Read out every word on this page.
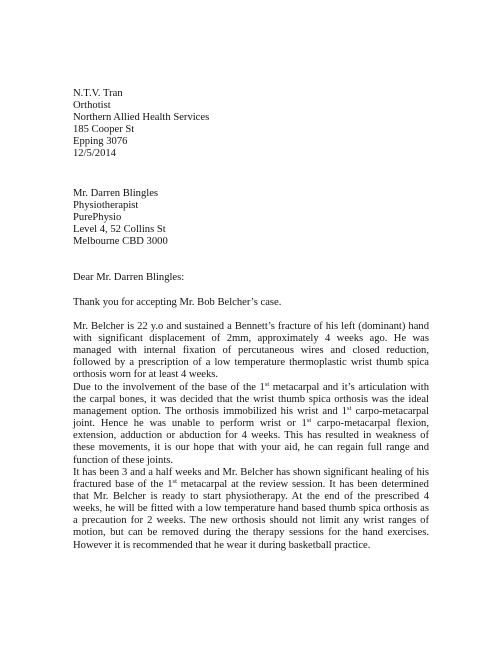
N.T.V. Tran
Orthotist
Northern Allied Health Services
185 Cooper St
Epping 3076
12/5/2014
Mr. Darren Blingles
Physiotherapist
PurePhysio
Level 4, 52 Collins St
Melbourne CBD 3000
Dear Mr. Darren Blingles:
Thank you for accepting Mr. Bob Belcher’s case.

Mr. Belcher is 22 y.o and sustained a Bennett’s fracture of his left (dominant) hand with significant displacement of 2mm, approximately 4 weeks ago. He was managed with internal fixation of percutaneous wires and closed reduction, followed by a prescription of a low temperature thermoplastic wrist thumb spica orthosis worn for at least 4 weeks.

Due to the involvement of the base of the 1st metacarpal and it’s articulation with the carpal bones, it was decided that the wrist thumb spica orthosis was the ideal management option. The orthosis immobilized his wrist and 1st carpo-metacarpal joint. Hence he was unable to perform wrist or 1st carpo-metacarpal flexion, extension, adduction or abduction for 4 weeks. This has resulted in weakness of these movements, it is our hope that with your aid, he can regain full range and function of these joints.

It has been 3 and a half weeks and Mr. Belcher has shown significant healing of his fractured base of the 1st metacarpal at the review session. It has been determined that Mr. Belcher is ready to start physiotherapy. At the end of the prescribed 4 weeks, he will be fitted with a low temperature hand based thumb spica orthosis as a precaution for 2 weeks. The new orthosis should not limit any wrist ranges of motion, but can be removed during the therapy sessions for the hand exercises. However it is recommended that he wear it during basketball practice.
